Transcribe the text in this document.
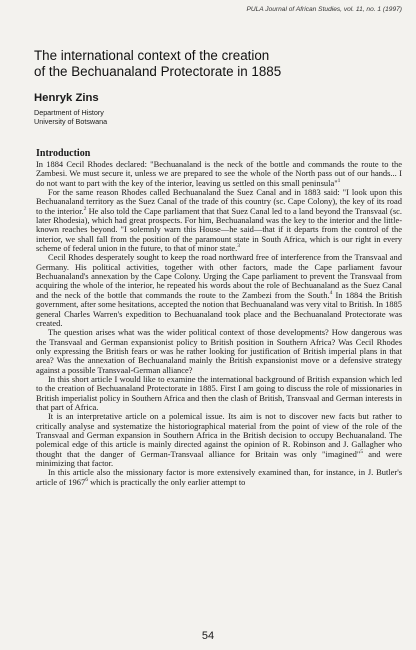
PULA Journal of African Studies, vol. 11, no. 1 (1997)
The international context of the creation
of the Bechuanaland Protectorate in 1885
Henryk Zins
Department of History
University of Botswana
Introduction

In 1884 Cecil Rhodes declared: "Bechuanaland is the neck of the bottle and commands the route to the Zambesi. We must secure it, unless we are prepared to see the whole of the North pass out of our hands... I do not want to part with the key of the interior, leaving us settled on this small peninsula"$^1$

For the same reason Rhodes called Bechuanaland the Suez Canal and in 1883 said: "I look upon this Bechuanaland territory as the Suez Canal of the trade of this country (sc. Cape Colony), the key of its road to the interior.$^2$ He also told the Cape parliament that that Suez Canal led to a land beyond the Transvaal (sc. later Rhodesia), which had great prospects. For him, Bechuanaland was the key to the interior and the little-known reaches beyond. "I solemnly warn this House—he said—that if it departs from the control of the interior, we shall fall from the position of the paramount state in South Africa, which is our right in every scheme of federal union in the future, to that of minor state.$^3$

Cecil Rhodes desperately sought to keep the road northward free of interference from the Transvaal and Germany. His political activities, together with other factors, made the Cape parliament favour Bechuanaland's annexation by the Cape Colony. Urging the Cape parliament to prevent the Transvaal from acquiring the whole of the interior, he repeated his words about the role of Bechuanaland as the Suez Canal and the neck of the bottle that commands the route to the Zambezi from the South.$^4$ In 1884 the British government, after some hesitations, accepted the notion that Bechuanaland was very vital to British. In 1885 general Charles Warren's expedition to Bechuanaland took place and the Bechuanaland Protectorate was created.

The question arises what was the wider political context of those developments? How dangerous was the Transvaal and German expansionist policy to British position in Southern Africa? Was Cecil Rhodes only expressing the British fears or was he rather looking for justification of British imperial plans in that area? Was the annexation of Bechuanaland mainly the British expansionist move or a defensive strategy against a possible Transvaal-German alliance?

In this short article I would like to examine the international background of British expansion which led to the creation of Bechuanaland Protectorate in 1885. First I am going to discuss the role of missionaries in British imperialist policy in Southern Africa and then the clash of British, Transvaal and German interests in that part of Africa.

It is an interpretative article on a polemical issue. Its aim is not to discover new facts but rather to critically analyse and systematize the historiographical material from the point of view of the role of the Transvaal and German expansion in Southern Africa in the British decision to occupy Bechuanaland. The polemical edge of this article is mainly directed against the opinion of R. Robinson and J. Gallagher who thought that the danger of German-Transvaal alliance for Britain was only "imagined"$^5$ and were minimizing that factor.

In this article also the missionary factor is more extensively examined than, for instance, in J. Butler's article of 1967$^6$ which is practically the only earlier attempt to

54
